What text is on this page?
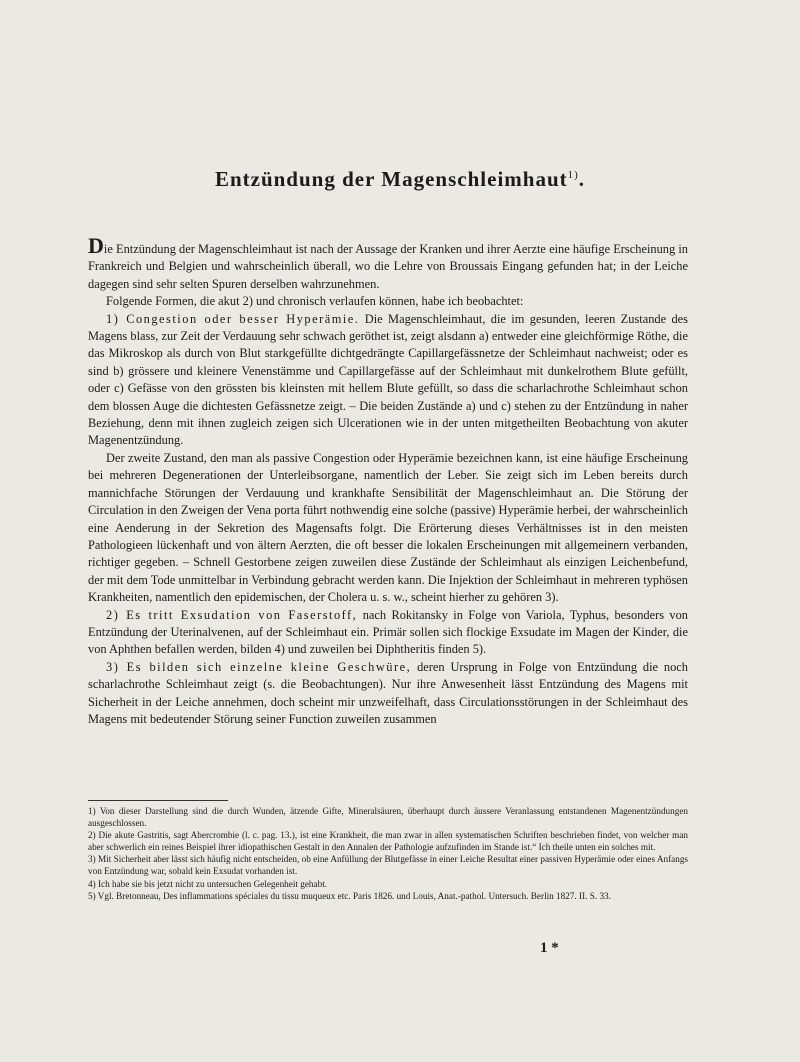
Entzündung der Magenschleimhaut$^{1)}$.

Die Entzündung der Magenschleimhaut ist nach der Aussage der Kranken und ihrer Aerzte eine häufige Erscheinung in Frankreich und Belgien und wahrscheinlich überall, wo die Lehre von Broussais Eingang gefunden hat; in der Leiche dagegen sind sehr selten Spuren derselben wahrzunehmen.

Folgende Formen, die akut 2) und chronisch verlaufen können, habe ich beobachtet:

1) Congestion oder besser Hyperämie. Die Magenschleimhaut, die im gesunden, leeren Zustande des Magens blass, zur Zeit der Verdauung sehr schwach geröthet ist, zeigt alsdann a) entweder eine gleichförmige Röthe, die das Mikroskop als durch von Blut starkgefüllte dichtgedrängte Capillargefässnetze der Schleimhaut nachweist; oder es sind b) grössere und kleinere Venenstämme und Capillargefässe auf der Schleimhaut mit dunkelrothem Blute gefüllt, oder c) Gefässe von den grössten bis kleinsten mit hellem Blute gefüllt, so dass die scharlachrothe Schleimhaut schon dem blossen Auge die dichtesten Gefässnetze zeigt. – Die beiden Zustände a) und c) stehen zu der Entzündung in naher Beziehung, denn mit ihnen zugleich zeigen sich Ulcerationen wie in der unten mitgetheilten Beobachtung von akuter Magenentzündung.

Der zweite Zustand, den man als passive Congestion oder Hyperämie bezeichnen kann, ist eine häufige Erscheinung bei mehreren Degenerationen der Unterleibsorgane, namentlich der Leber. Sie zeigt sich im Leben bereits durch mannichfache Störungen der Verdauung und krankhafte Sensibilität der Magenschleimhaut an. Die Störung der Circulation in den Zweigen der Vena porta führt nothwendig eine solche (passive) Hyperämie herbei, der wahrscheinlich eine Aenderung in der Sekretion des Magensafts folgt. Die Erörterung dieses Verhältnisses ist in den meisten Pathologieen lückenhaft und von ältern Aerzten, die oft besser die lokalen Erscheinungen mit allgemeinern verbanden, richtiger gegeben. – Schnell Gestorbene zeigen zuweilen diese Zustände der Schleimhaut als einzigen Leichenbefund, der mit dem Tode unmittelbar in Verbindung gebracht werden kann. Die Injektion der Schleimhaut in mehreren typhösen Krankheiten, namentlich den epidemischen, der Cholera u. s. w., scheint hierher zu gehören 3).

2) Es tritt Exsudation von Faserstoff, nach Rokitansky in Folge von Variola, Typhus, besonders von Entzündung der Uterinalvenen, auf der Schleimhaut ein. Primär sollen sich flockige Exsudate im Magen der Kinder, die von Aphthen befallen werden, bilden 4) und zuweilen bei Diphtheritis finden 5).

3) Es bilden sich einzelne kleine Geschwüre, deren Ursprung in Folge von Entzündung die noch scharlachrothe Schleimhaut zeigt (s. die Beobachtungen). Nur ihre Anwesenheit lässt Entzündung des Magens mit Sicherheit in der Leiche annehmen, doch scheint mir unzweifelhaft, dass Circulationsstörungen in der Schleimhaut des Magens mit bedeutender Störung seiner Function zuweilen zusammen

1) Von dieser Darstellung sind die durch Wunden, ätzende Gifte, Mineralsäuren, überhaupt durch äussere Veranlassung entstandenen Magenentzündungen ausgeschlossen.

2) Die akute Gastritis, sagt Abercrombie (l. c. pag. 13.), ist eine Krankheit, die man zwar in allen systematischen Schriften beschrieben findet, von welcher man aber schwerlich ein reines Beispiel ihrer idiopathischen Gestalt in den Annalen der Pathologie aufzufinden im Stande ist.“ Ich theile unten ein solches mit.

3) Mit Sicherheit aber lässt sich häufig nicht entscheiden, ob eine Anfüllung der Blutgefässe in einer Leiche Resultat einer passiven Hyperämie oder eines Anfangs von Entzündung war, sobald kein Exsudat vorhanden ist.

4) Ich habe sie bis jetzt nicht zu untersuchen Gelegenheit gehabt.

5) Vgl. Bretonneau, Des inflammations spéciales du tissu muqueux etc. Paris 1826. und Louis, Anat.-pathol. Untersuch. Berlin 1827. II. S. 33.

1 *
